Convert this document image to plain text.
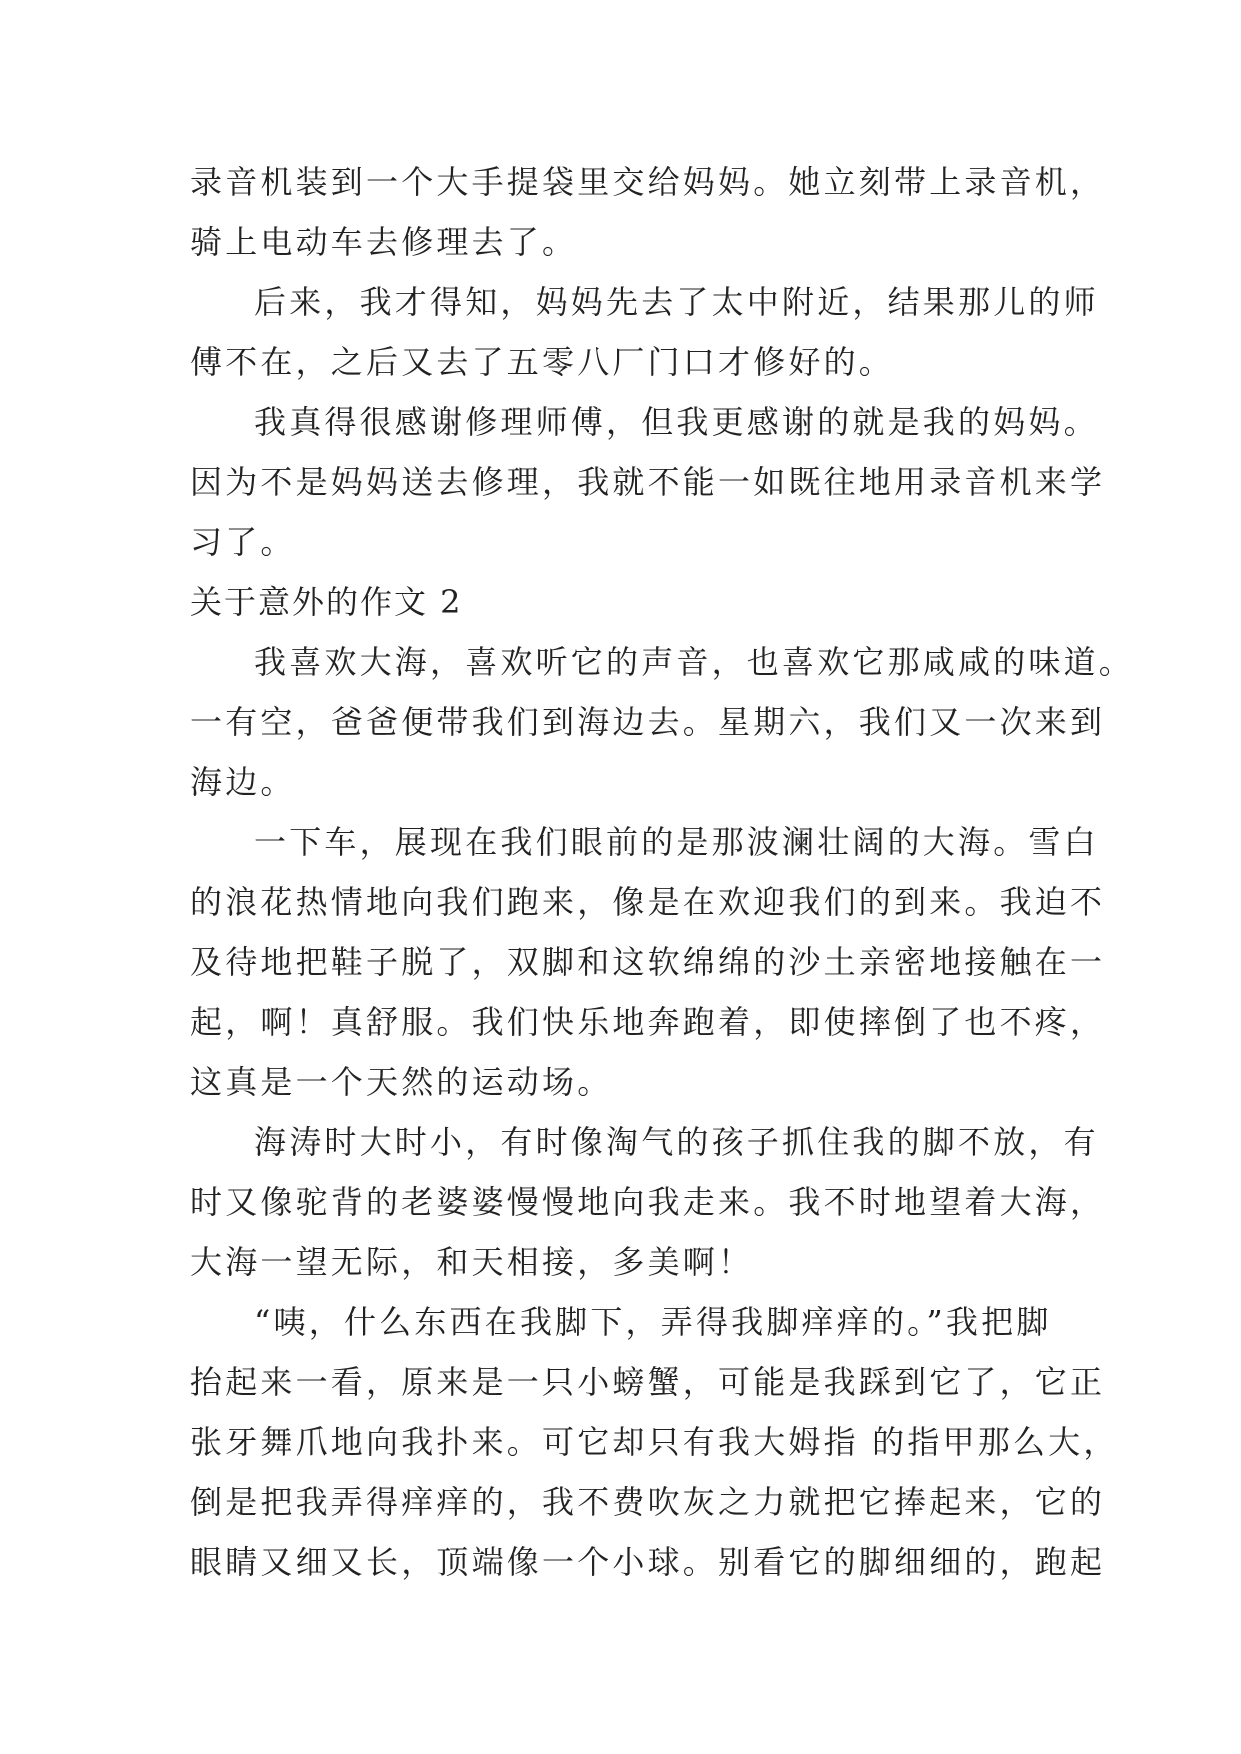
录音机装到一个大手提袋里交给妈妈。她立刻带上录音机，
骑上电动车去修理去了。
后来，我才得知，妈妈先去了太中附近，结果那儿的师
傅不在，之后又去了五零八厂门口才修好的。
我真得很感谢修理师傅，但我更感谢的就是我的妈妈。
因为不是妈妈送去修理，我就不能一如既往地用录音机来学
习了。
关于意外的作文 2
我喜欢大海，喜欢听它的声音，也喜欢它那咸咸的味道。
一有空，爸爸便带我们到海边去。星期六，我们又一次来到
海边。
一下车，展现在我们眼前的是那波澜壮阔的大海。雪白
的浪花热情地向我们跑来，像是在欢迎我们的到来。我迫不
及待地把鞋子脱了，双脚和这软绵绵的沙土亲密地接触在一
起，啊！真舒服。我们快乐地奔跑着，即使摔倒了也不疼，
这真是一个天然的运动场。
海涛时大时小，有时像淘气的孩子抓住我的脚不放，有
时又像驼背的老婆婆慢慢地向我走来。我不时地望着大海，
大海一望无际，和天相接，多美啊！
“咦，什么东西在我脚下，弄得我脚痒痒的。”我把脚
抬起来一看，原来是一只小螃蟹，可能是我踩到它了，它正
张牙舞爪地向我扑来。可它却只有我大姆指 的指甲那么大，
倒是把我弄得痒痒的，我不费吹灰之力就把它捧起来，它的
眼睛又细又长，顶端像一个小球。别看它的脚细细的，跑起
